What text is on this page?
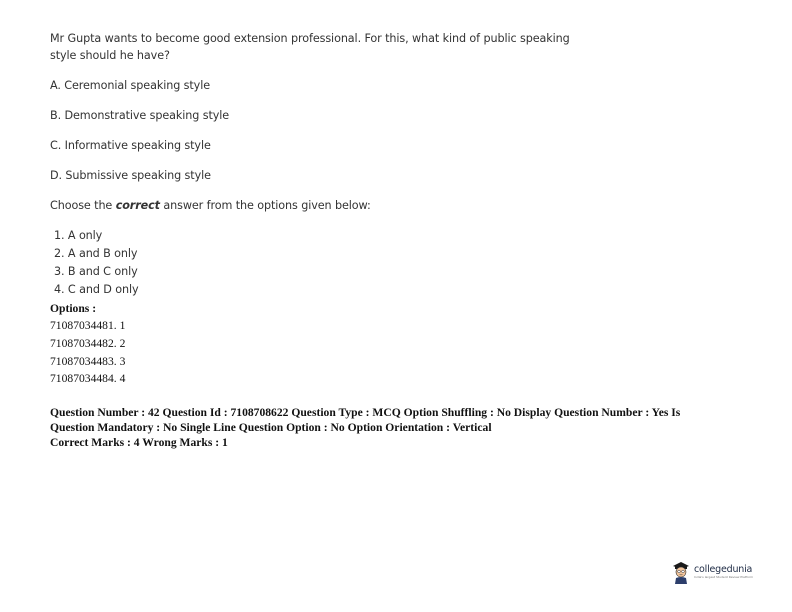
Mr Gupta wants to become good extension professional. For this, what kind of public speaking style should he have?
A. Ceremonial speaking style
B. Demonstrative speaking style
C. Informative speaking style
D. Submissive speaking style
Choose the correct answer from the options given below:
1. A only
2. A and B only
3. B and C only
4. C and D only
Options :
71087034481. 1
71087034482. 2
71087034483. 3
71087034484. 4
Question Number : 42 Question Id : 7108708622 Question Type : MCQ Option Shuffling : No Display Question Number : Yes Is
Question Mandatory : No Single Line Question Option : No Option Orientation : Vertical
Correct Marks : 4 Wrong Marks : 1
collegedunia
India's largest Student Review Platform
